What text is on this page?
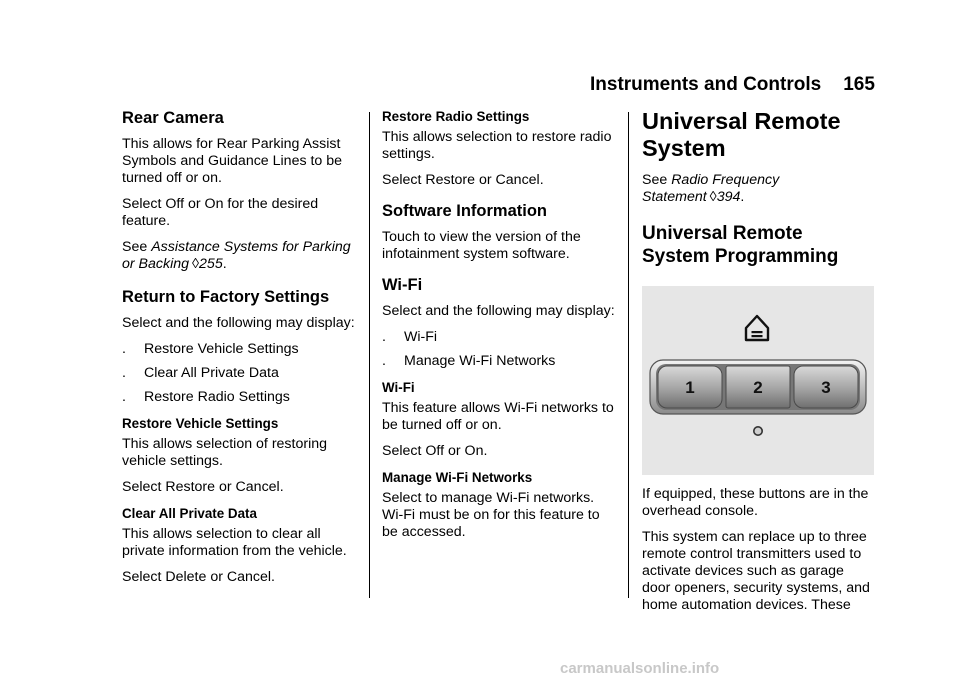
Instruments and Controls 165
Rear Camera

This allows for Rear Parking Assist Symbols and Guidance Lines to be turned off or on.

Select Off or On for the desired feature.

See Assistance Systems for Parking or Backing ◊255.

Return to Factory Settings

Select and the following may display:

.	Restore Vehicle Settings
.	Clear All Private Data
.	Restore Radio Settings
Restore Vehicle Settings

This allows selection of restoring vehicle settings.

Select Restore or Cancel.

Clear All Private Data

This allows selection to clear all private information from the vehicle.

Select Delete or Cancel.

Restore Radio Settings

This allows selection to restore radio settings.

Select Restore or Cancel.

Software Information

Touch to view the version of the infotainment system software.

Wi-Fi

Select and the following may display:

.	Wi-Fi
.	Manage Wi-Fi Networks
Wi-Fi

This feature allows Wi-Fi networks to be turned off or on.

Select Off or On.

Manage Wi-Fi Networks

Select to manage Wi-Fi networks. Wi-Fi must be on for this feature to be accessed.

Universal Remote System

See Radio Frequency Statement ◊394.

Universal Remote System Programming
1	2	3

If equipped, these buttons are in the overhead console.

This system can replace up to three remote control transmitters used to activate devices such as garage door openers, security systems, and home automation devices. These

carmanualsonline.info
